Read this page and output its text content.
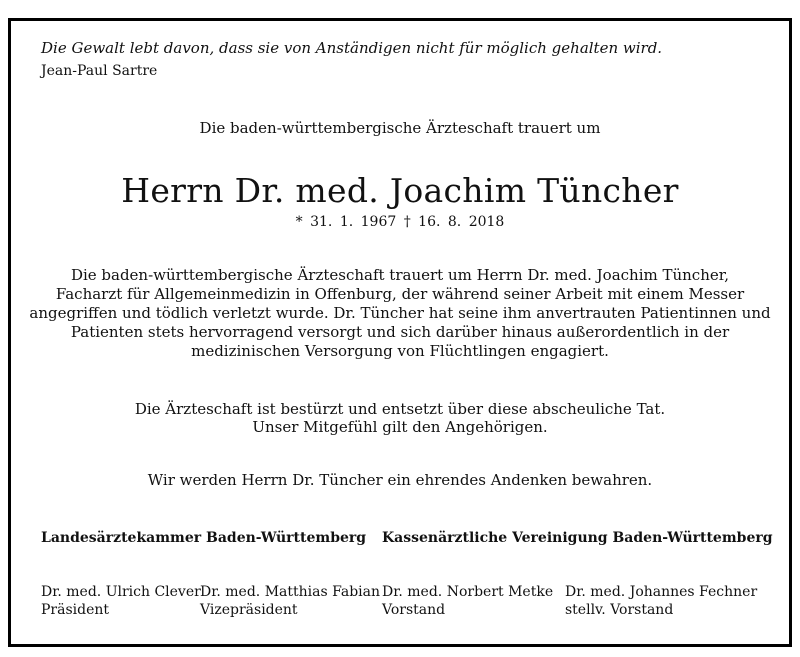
Die Gewalt lebt davon, dass sie von Anständigen nicht für möglich gehalten wird.
Jean-Paul Sartre
Die baden-württembergische Ärzteschaft trauert um
Herrn Dr. med. Joachim Tüncher
* 31. 1. 1967 † 16. 8. 2018
Die baden-württembergische Ärzteschaft trauert um Herrn Dr. med. Joachim Tüncher,
Facharzt für Allgemeinmedizin in Offenburg, der während seiner Arbeit mit einem Messer
angegriffen und tödlich verletzt wurde. Dr. Tüncher hat seine ihm anvertrauten Patientinnen und
Patienten stets hervorragend versorgt und sich darüber hinaus außerordentlich in der
medizinischen Versorgung von Flüchtlingen engagiert.
Die Ärzteschaft ist bestürzt und entsetzt über diese abscheuliche Tat.
Unser Mitgefühl gilt den Angehörigen.
Wir werden Herrn Dr. Tüncher ein ehrendes Andenken bewahren.
Landesärztekammer Baden-Württemberg Kassenärztliche Vereinigung Baden-Württemberg
Dr. med. Ulrich Clever
Präsident
Dr. med. Matthias Fabian
Vizepräsident
Dr. med. Norbert Metke
Vorstand
Dr. med. Johannes Fechner
stellv. Vorstand
